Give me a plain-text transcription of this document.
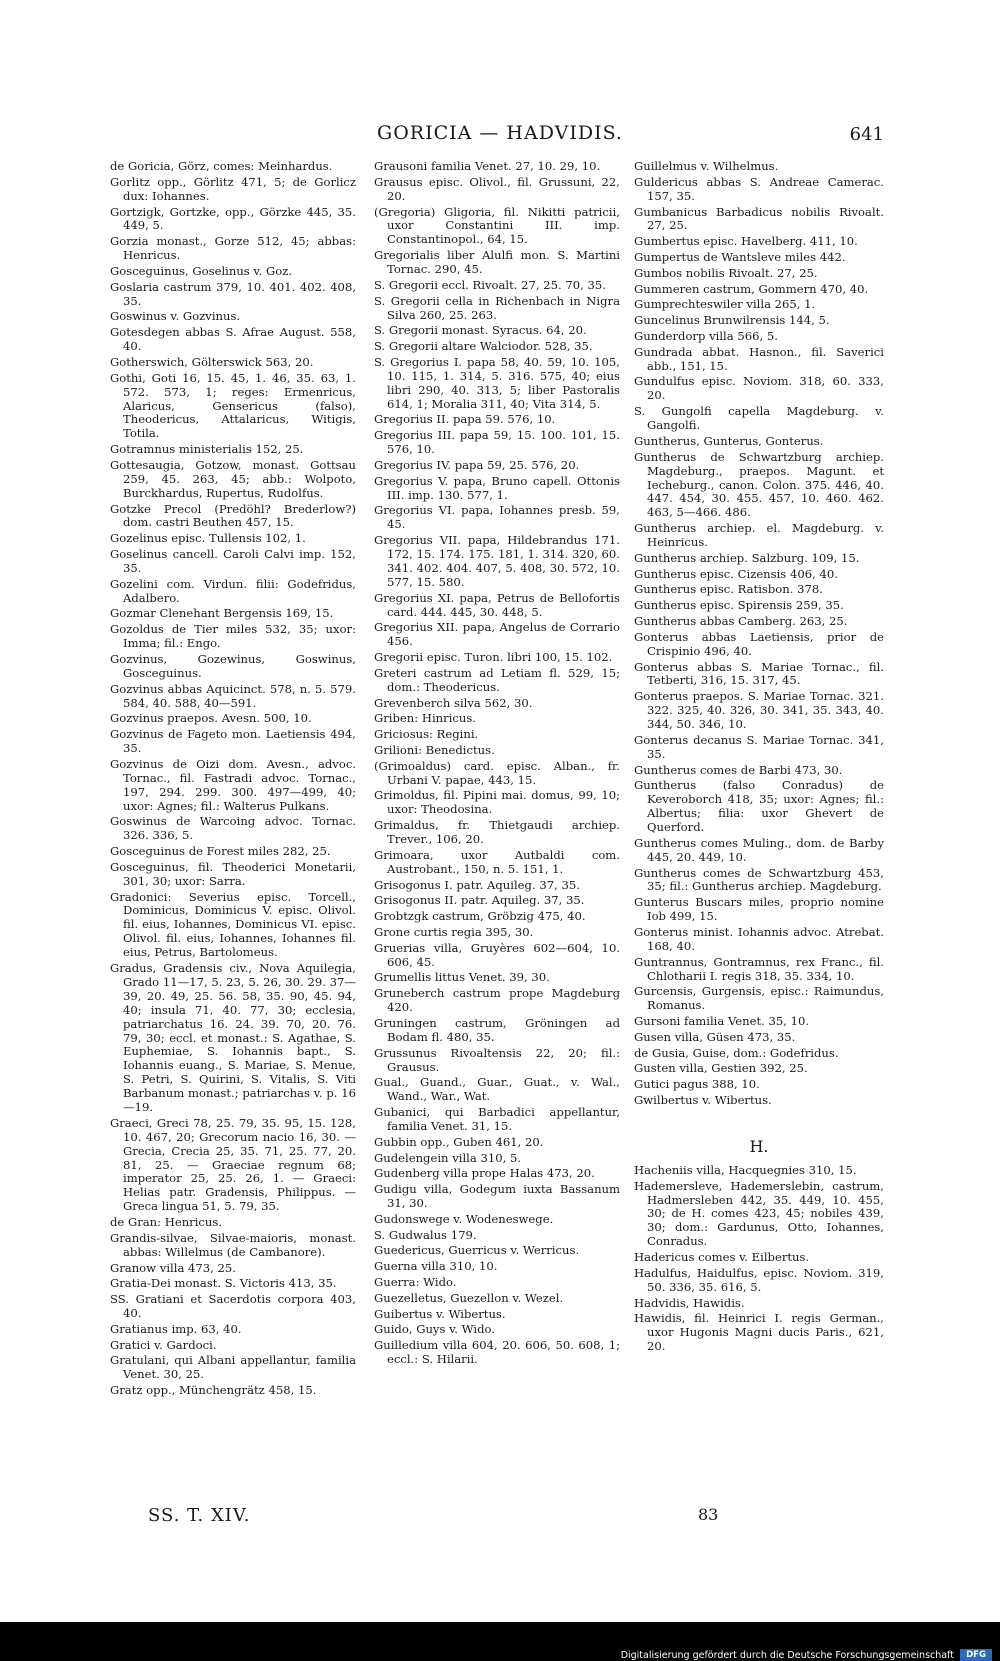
GORICIA — HADVIDIS.	641
de Goricia, Görz, comes: Meinhardus.
Gorlitz opp., Görlitz 471, 5; de Gorlicz dux: Iohannes.
Gortzigk, Gortzke, opp., Görzke 445, 35. 449, 5.
Gorzia monast., Gorze 512, 45; abbas: Henricus.
Gosceguinus, Goselinus v. Goz.
Goslaria castrum 379, 10. 401. 402. 408, 35.
Goswinus v. Gozvinus.
Gotesdegen abbas S. Afrae August. 558, 40.
Gotherswich, Gölterswick 563, 20.
Gothi, Goti 16, 15. 45, 1. 46, 35. 63, 1. 572. 573, 1; reges: Ermenricus, Alaricus, Gensericus (falso), Theodericus, Attalaricus, Witigis, Totila.
Gotramnus ministerialis 152, 25.
Gottesaugia, Gotzow, monast. Gottsau 259, 45. 263, 45; abb.: Wolpoto, Burckhardus, Rupertus, Rudolfus.
Gotzke Precol (Predöhl? Brederlow?) dom. castri Beuthen 457, 15.
Gozelinus episc. Tullensis 102, 1.
Goselinus cancell. Caroli Calvi imp. 152, 35.
Gozelini com. Virdun. filii: Godefridus, Adalbero.
Gozmar Clenehant Bergensis 169, 15.
Gozoldus de Tier miles 532, 35; uxor: Imma; fil.: Engo.
Gozvinus, Gozewinus, Goswinus, Gosceguinus.
Gozvinus abbas Aquicinct. 578, n. 5. 579. 584, 40. 588, 40—591.
Gozvinus praepos. Avesn. 500, 10.
Gozvinus de Fageto mon. Laetiensis 494, 35.
Gozvinus de Oizi dom. Avesn., advoc. Tornac., fil. Fastradi advoc. Tornac., 197, 294. 299. 300. 497—499, 40; uxor: Agnes; fil.: Walterus Pulkans.
Goswinus de Warcoing advoc. Tornac. 326. 336, 5.
Gosceguinus de Forest miles 282, 25.
Gosceguinus, fil. Theoderici Monetarii, 301, 30; uxor: Sarra.
Gradonici: Severius episc. Torcell., Dominicus, Dominicus V. episc. Olivol. fil. eius, Iohannes, Dominicus VI. episc. Olivol. fil. eius, Iohannes, Iohannes fil. eius, Petrus, Bartolomeus.
Gradus, Gradensis civ., Nova Aquilegia, Grado 11—17, 5. 23, 5. 26, 30. 29. 37—39, 20. 49, 25. 56. 58, 35. 90, 45. 94, 40; insula 71, 40. 77, 30; ecclesia, patriarchatus 16. 24. 39. 70, 20. 76. 79, 30; eccl. et monast.: S. Agathae, S. Euphemiae, S. Iohannis bapt., S. Iohannis euang., S. Mariae, S. Menue, S. Petri, S. Quirini, S. Vitalis, S. Viti Barbanum monast.; patriarchas v. p. 16—19.
Graeci, Greci 78, 25. 79, 35. 95, 15. 128, 10. 467, 20; Grecorum nacio 16, 30. — Grecia, Crecia 25, 35. 71, 25. 77, 20. 81, 25. — Graeciae regnum 68; imperator 25, 25. 26, 1. — Graeci: Helias patr. Gradensis, Philippus. — Greca lingua 51, 5. 79, 35.
de Gran: Henricus.
Grandis-silvae, Silvae-maioris, monast. abbas: Willelmus (de Cambanore).
Granow villa 473, 25.
Gratia-Dei monast. S. Victoris 413, 35.
SS. Gratiani et Sacerdotis corpora 403, 40.
Gratianus imp. 63, 40.
Gratici v. Gardoci.
Gratulani, qui Albani appellantur, familia Venet. 30, 25.
Gratz opp., Münchengrätz 458, 15.
Grausoni familia Venet. 27, 10. 29, 10.
Grausus episc. Olivol., fil. Grussuni, 22, 20.
(Gregoria) Gligoria, fil. Nikitti patricii, uxor Constantini III. imp. Constantinopol., 64, 15.
Gregorialis liber Alulfi mon. S. Martini Tornac. 290, 45.
S. Gregorii eccl. Rivoalt. 27, 25. 70, 35.
S. Gregorii cella in Richenbach in Nigra Silva 260, 25. 263.
S. Gregorii monast. Syracus. 64, 20.
S. Gregorii altare Walciodor. 528, 35.
S. Gregorius I. papa 58, 40. 59, 10. 105, 10. 115, 1. 314, 5. 316. 575, 40; eius libri 290, 40. 313, 5; liber Pastoralis 614, 1; Moralia 311, 40; Vita 314, 5.
Gregorius II. papa 59. 576, 10.
Gregorius III. papa 59, 15. 100. 101, 15. 576, 10.
Gregorius IV. papa 59, 25. 576, 20.
Gregorius V. papa, Bruno capell. Ottonis III. imp. 130. 577, 1.
Gregorius VI. papa, Iohannes presb. 59, 45.
Gregorius VII. papa, Hildebrandus 171. 172, 15. 174. 175. 181, 1. 314. 320, 60. 341. 402. 404. 407, 5. 408, 30. 572, 10. 577, 15. 580.
Gregorius XI. papa, Petrus de Bellofortis card. 444. 445, 30. 448, 5.
Gregorius XII. papa, Angelus de Corrario 456.
Gregorii episc. Turon. libri 100, 15. 102.
Greteri castrum ad Letiam fl. 529, 15; dom.: Theodericus.
Grevenberch silva 562, 30.
Griben: Hinricus.
Griciosus: Regini.
Grilioni: Benedictus.
(Grimoaldus) card. episc. Alban., fr. Urbani V. papae, 443, 15.
Grimoldus, fil. Pipini mai. domus, 99, 10; uxor: Theodosina.
Grimaldus, fr. Thietgaudi archiep. Trever., 106, 20.
Grimoara, uxor Autbaldi com. Austrobant., 150, n. 5. 151, 1.
Grisogonus I. patr. Aquileg. 37, 35.
Grisogonus II. patr. Aquileg. 37, 35.
Grobtzgk castrum, Gröbzig 475, 40.
Grone curtis regia 395, 30.
Gruerias villa, Gruyères 602—604, 10. 606, 45.
Grumellis littus Venet. 39, 30.
Gruneberch castrum prope Magdeburg 420.
Gruningen castrum, Gröningen ad Bodam fl. 480, 35.
Grussunus Rivoaltensis 22, 20; fil.: Grausus.
Gual., Guand., Guar., Guat., v. Wal., Wand., War., Wat.
Gubanici, qui Barbadici appellantur, familia Venet. 31, 15.
Gubbin opp., Guben 461, 20.
Gudelengein villa 310, 5.
Gudenberg villa prope Halas 473, 20.
Gudigu villa, Godegum iuxta Bassanum 31, 30.
Gudonswege v. Wodeneswege.
S. Gudwalus 179.
Guedericus, Guerricus v. Werricus.
Guerna villa 310, 10.
Guerra: Wido.
Guezelletus, Guezellon v. Wezel.
Guibertus v. Wibertus.
Guido, Guys v. Wido.
Guilledium villa 604, 20. 606, 50. 608, 1; eccl.: S. Hilarii.
Guillelmus v. Wilhelmus.
Guldericus abbas S. Andreae Camerac. 157, 35.
Gumbanicus Barbadicus nobilis Rivoalt. 27, 25.
Gumbertus episc. Havelberg. 411, 10.
Gumpertus de Wantsleve miles 442.
Gumbos nobilis Rivoalt. 27, 25.
Gummeren castrum, Gommern 470, 40.
Gumprechteswiler villa 265, 1.
Guncelinus Brunwilrensis 144, 5.
Gunderdorp villa 566, 5.
Gundrada abbat. Hasnon., fil. Saverici abb., 151, 15.
Gundulfus episc. Noviom. 318, 60. 333, 20.
S. Gungolfi capella Magdeburg. v. Gangolfi.
Guntherus, Gunterus, Gonterus.
Guntherus de Schwartzburg archiep. Magdeburg., praepos. Magunt. et Iecheburg., canon. Colon. 375. 446, 40. 447. 454, 30. 455. 457, 10. 460. 462. 463, 5—466. 486.
Guntherus archiep. el. Magdeburg. v. Heinricus.
Guntherus archiep. Salzburg. 109, 15.
Guntherus episc. Cizensis 406, 40.
Guntherus episc. Ratisbon. 378.
Guntherus episc. Spirensis 259, 35.
Guntherus abbas Camberg. 263, 25.
Gonterus abbas Laetiensis, prior de Crispinio 496, 40.
Gonterus abbas S. Mariae Tornac., fil. Tetberti, 316, 15. 317, 45.
Gonterus praepos. S. Mariae Tornac. 321. 322. 325, 40. 326, 30. 341, 35. 343, 40. 344, 50. 346, 10.
Gonterus decanus S. Mariae Tornac. 341, 35.
Guntherus comes de Barbi 473, 30.
Guntherus (falso Conradus) de Keveroborch 418, 35; uxor: Agnes; fil.: Albertus; filia: uxor Ghevert de Querford.
Guntherus comes Muling., dom. de Barby 445, 20. 449, 10.
Guntherus comes de Schwartzburg 453, 35; fil.: Guntherus archiep. Magdeburg.
Gunterus Buscars miles, proprio nomine Iob 499, 15.
Gonterus minist. Iohannis advoc. Atrebat. 168, 40.
Guntrannus, Gontramnus, rex Franc., fil. Chlotharii I. regis 318, 35. 334, 10.
Gurcensis, Gurgensis, episc.: Raimundus, Romanus.
Gursoni familia Venet. 35, 10.
Gusen villa, Güsen 473, 35.
de Gusia, Guise, dom.: Godefridus.
Gusten villa, Gestien 392, 25.
Gutici pagus 388, 10.
Gwilbertus v. Wibertus.
H.
Hacheniis villa, Hacquegnies 310, 15.
Hademersleve, Hademerslebin, castrum, Hadmersleben 442, 35. 449, 10. 455, 30; de H. comes 423, 45; nobiles 439, 30; dom.: Gardunus, Otto, Iohannes, Conradus.
Hadericus comes v. Eilbertus.
Hadulfus, Haidulfus, episc. Noviom. 319, 50. 336, 35. 616, 5.
Hadvidis, Hawidis.
Hawidis, fil. Heinrici I. regis German., uxor Hugonis Magni ducis Paris., 621, 20.
SS. T. XIV.	83
Digitalisierung gefördert durch die Deutsche Forschungsgemeinschaft	DFG
